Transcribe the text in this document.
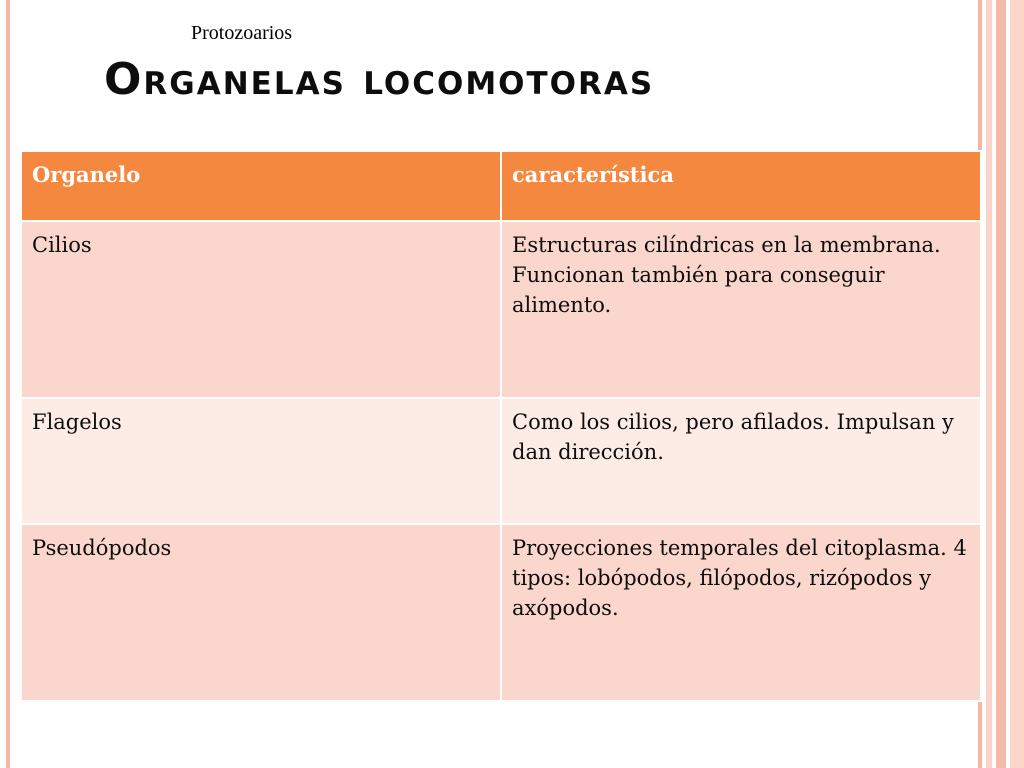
Protozoarios
Organelas locomotoras
Organelo	característica
Cilios	Estructuras cilíndricas en la membrana. Funcionan también para conseguir alimento.
Flagelos	Como los cilios, pero afilados. Impulsan y dan dirección.
Pseudópodos	Proyecciones temporales del citoplasma. 4 tipos: lobópodos, filópodos, rizópodos y axópodos.
